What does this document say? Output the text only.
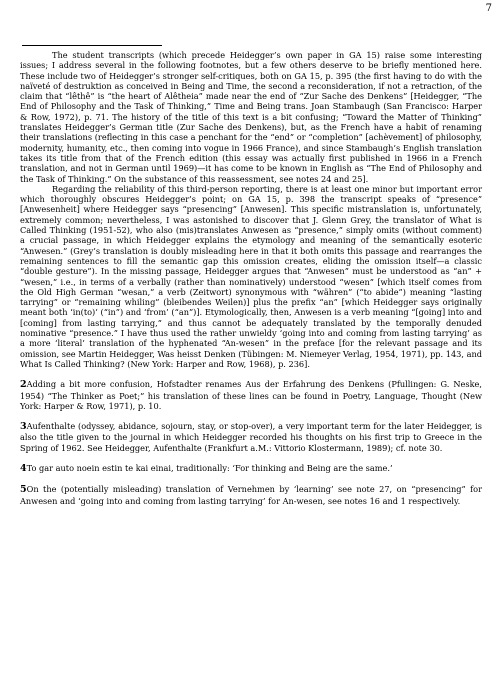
7

The student transcripts (which precede Heidegger’s own paper in GA 15) raise some interesting issues; I address several in the following footnotes, but a few others deserve to be briefly mentioned here. These include two of Heidegger’s stronger self-critiques, both on GA 15, p. 395 (the first having to do with the naïveté of destruktion as conceived in Being and Time, the second a reconsideration, if not a retraction, of the claim that “lêthê” is “the heart of Alêtheia” made near the end of “Zur Sache des Denkens” [Heidegger, “The End of Philosophy and the Task of Thinking,” Time and Being trans. Joan Stambaugh (San Francisco: Harper & Row, 1972), p. 71. The history of the title of this text is a bit confusing; “Toward the Matter of Thinking” translates Heidegger’s German title (Zur Sache des Denkens), but, as the French have a habit of renaming their translations (reflecting in this case a penchant for the “end” or “completion” [achèvement] of philosophy, modernity, humanity, etc., then coming into vogue in 1966 France), and since Stambaugh’s English translation takes its title from that of the French edition (this essay was actually first published in 1966 in a French translation, and not in German until 1969)—it has come to be known in English as “The End of Philosophy and the Task of Thinking.” On the substance of this reassessment, see notes 24 and 25].

Regarding the reliability of this third-person reporting, there is at least one minor but important error which thoroughly obscures Heidegger’s point; on GA 15, p. 398 the transcript speaks of “presence” [Anwesenheit] where Heidegger says “presencing” [Anwesen]. This specific mistranslation is, unfortunately, extremely common; nevertheless, I was astonished to discover that J. Glenn Grey, the translator of What is Called Thinking (1951-52), who also (mis)translates Anwesen as “presence,” simply omits (without comment) a crucial passage, in which Heidegger explains the etymology and meaning of the semantically esoteric “Anwesen.” (Grey’s translation is doubly misleading here in that it both omits this passage and rearranges the remaining sentences to fill the semantic gap this omission creates, eliding the omission itself—a classic “double gesture”). In the missing passage, Heidegger argues that “Anwesen” must be understood as “an” + “wesen,” i.e., in terms of a verbally (rather than nominatively) understood “wesen” [which itself comes from the Old High German “wesan,” a verb (Zeitwort) synonymous with “währen” (“to abide”) meaning “lasting tarrying” or “remaining whiling” (bleibendes Weilen)] plus the prefix “an” [which Heidegger says originally meant both ‘in(to)’ (“in”) and ‘from’ (“an”)]. Etymologically, then, Anwesen is a verb meaning “[going] into and [coming] from lasting tarrying,” and thus cannot be adequately translated by the temporally denuded nominative “presence.” I have thus used the rather unwieldy ‘going into and coming from lasting tarrying’ as a more ‘literal’ translation of the hyphenated “An-wesen” in the preface [for the relevant passage and its omission, see Martin Heidegger, Was heisst Denken (Tübingen: M. Niemeyer Verlag, 1954, 1971), pp. 143, and What Is Called Thinking? (New York: Harper and Row, 1968), p. 236].

2Adding a bit more confusion, Hofstadter renames Aus der Erfahrung des Denkens (Pfullingen: G. Neske, 1954) “The Thinker as Poet;” his translation of these lines can be found in Poetry, Language, Thought (New York: Harper & Row, 1971), p. 10.

3Aufenthalte (odyssey, abidance, sojourn, stay, or stop-over), a very important term for the later Heidegger, is also the title given to the journal in which Heidegger recorded his thoughts on his first trip to Greece in the Spring of 1962. See Heidegger, Aufenthalte (Frankfurt a.M.: Vittorio Klostermann, 1989); cf. note 30.

4To gar auto noein estin te kai einai, traditionally: ‘For thinking and Being are the same.’

5On the (potentially misleading) translation of Vernehmen by ‘learning’ see note 27, on “presencing” for Anwesen and ‘going into and coming from lasting tarrying’ for An-wesen, see notes 16 and 1 respectively.
